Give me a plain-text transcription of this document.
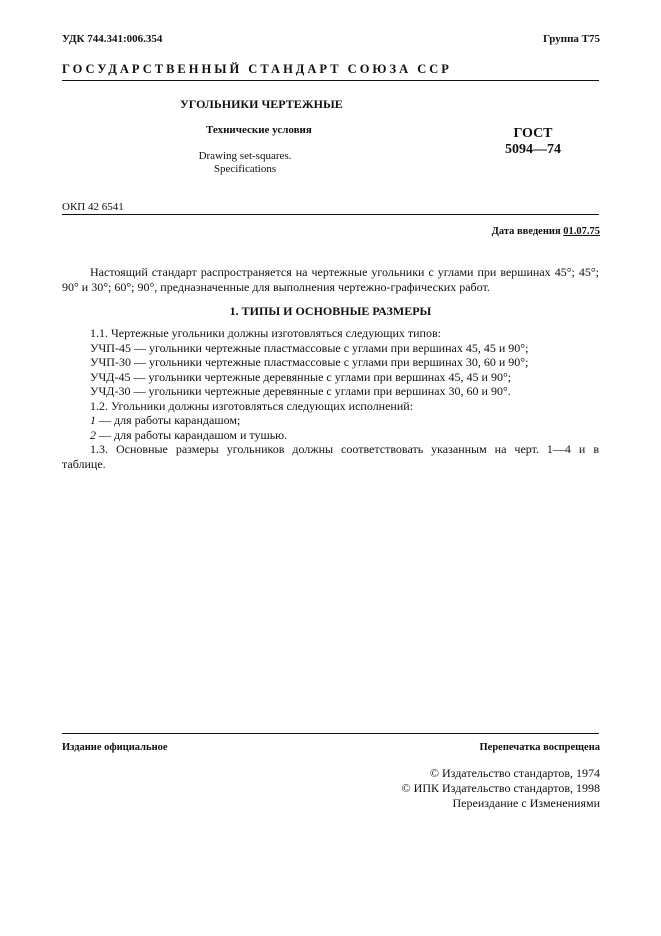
УДК 744.341:006.354	Группа Т75
ГОСУДАРСТВЕННЫЙ СТАНДАРТ СОЮЗА ССР
УГОЛЬНИКИ ЧЕРТЕЖНЫЕ
Технические условия
Drawing set-squares.
Specifications
ГОСТ
5094—74
ОКП 42 6541
Дата введения 01.07.75
Настоящий стандарт распространяется на чертежные угольники с углами при вершинах 45°; 45°; 90° и 30°; 60°; 90°, предназначенные для выполнения чертежно-графических работ.
1. ТИПЫ И ОСНОВНЫЕ РАЗМЕРЫ
1.1. Чертежные угольники должны изготовляться следующих типов:
УЧП-45 — угольники чертежные пластмассовые с углами при вершинах 45, 45 и 90°;
УЧП-30 — угольники чертежные пластмассовые с углами при вершинах 30, 60 и 90°;
УЧД-45 — угольники чертежные деревянные с углами при вершинах 45, 45 и 90°;
УЧД-30 — угольники чертежные деревянные с углами при вершинах 30, 60 и 90°.
1.2. Угольники должны изготовляться следующих исполнений:
1 — для работы карандашом;
2 — для работы карандашом и тушью.
1.3. Основные размеры угольников должны соответствовать указанным на черт. 1—4 и в
таблице.
Издание официальное	Перепечатка воспрещена
© Издательство стандартов, 1974
© ИПК Издательство стандартов, 1998
Переиздание с Изменениями
